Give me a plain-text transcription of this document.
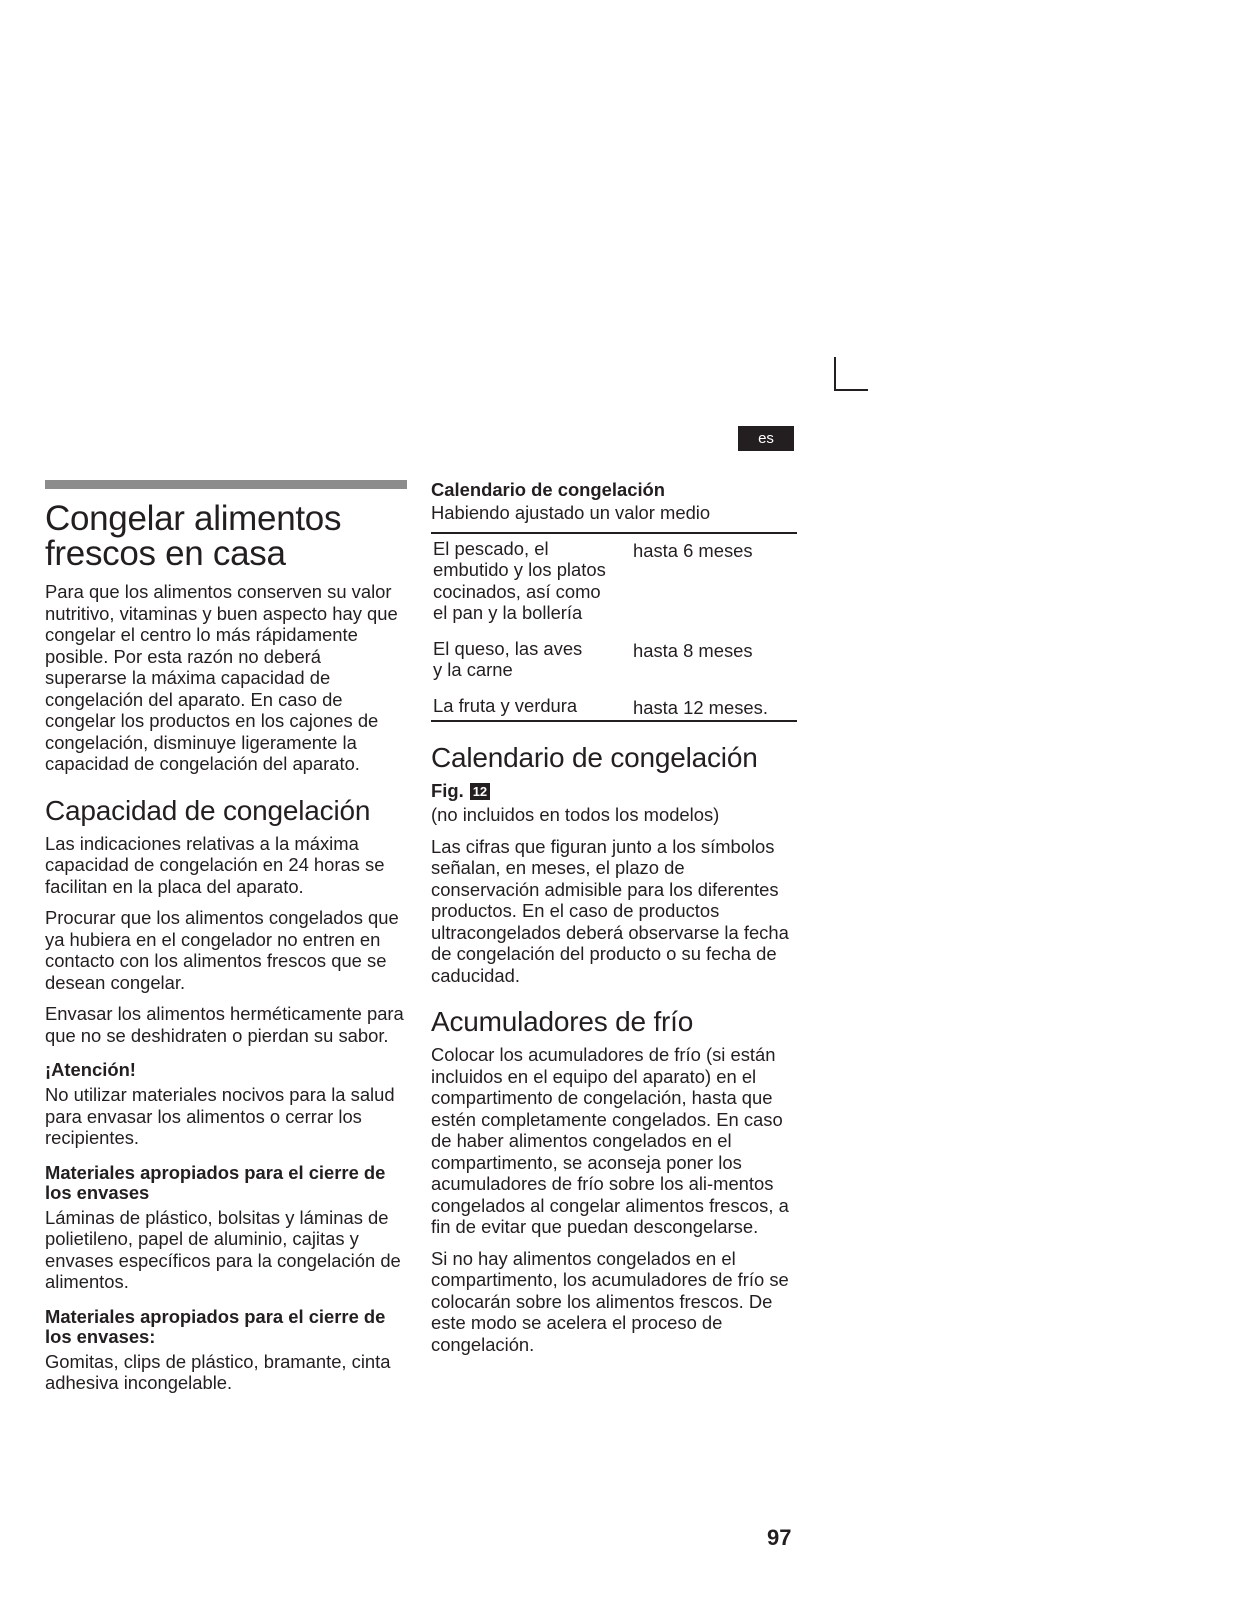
es
Congelar alimentos
frescos en casa

Para que los alimentos conserven su valor nutritivo, vitaminas y buen aspecto hay que congelar el centro lo más rápidamente posible. Por esta razón no deberá superarse la máxima capacidad de congelación del aparato. En caso de congelar los productos en los cajones de congelación, disminuye ligeramente la capacidad de congelación del aparato.

Capacidad de congelación

Las indicaciones relativas a la máxima capacidad de congelación en 24 horas se facilitan en la placa del aparato.

Procurar que los alimentos congelados que ya hubiera en el congelador no entren en contacto con los alimentos frescos que se desean congelar.

Envasar los alimentos herméticamente para que no se deshidraten o pierdan su sabor.

¡Atención!

No utilizar materiales nocivos para la salud para envasar los alimentos o cerrar los recipientes.

Materiales apropiados para el cierre de los envases

Láminas de plástico, bolsitas y láminas de polietileno, papel de aluminio, cajitas y envases específicos para la congelación de alimentos.

Materiales apropiados para el cierre de los envases:

Gomitas, clips de plástico, bramante, cinta adhesiva incongelable.

Calendario de congelación

Habiendo ajustado un valor medio

El pescado, el
embutido y los platos
cocinados, así como
el pan y la bollería
hasta 6 meses
El queso, las aves
y la carne
hasta 8 meses
La fruta y verdura	hasta 12 meses.
Calendario de congelación
Fig. 12

(no incluidos en todos los modelos)

Las cifras que figuran junto a los símbolos señalan, en meses, el plazo de conservación admisible para los diferentes productos. En el caso de productos ultracongelados deberá observarse la fecha de congelación del producto o su fecha de caducidad.

Acumuladores de frío

Colocar los acumuladores de frío (si están incluidos en el equipo del aparato) en el compartimento de congelación, hasta que estén completamente congelados. En caso de haber alimentos congelados en el compartimento, se aconseja poner los acumuladores de frío sobre los ali-mentos congelados al congelar alimentos frescos, a fin de evitar que puedan descongelarse.

Si no hay alimentos congelados en el compartimento, los acumuladores de frío se colocarán sobre los alimentos frescos. De este modo se acelera el proceso de congelación.

97
